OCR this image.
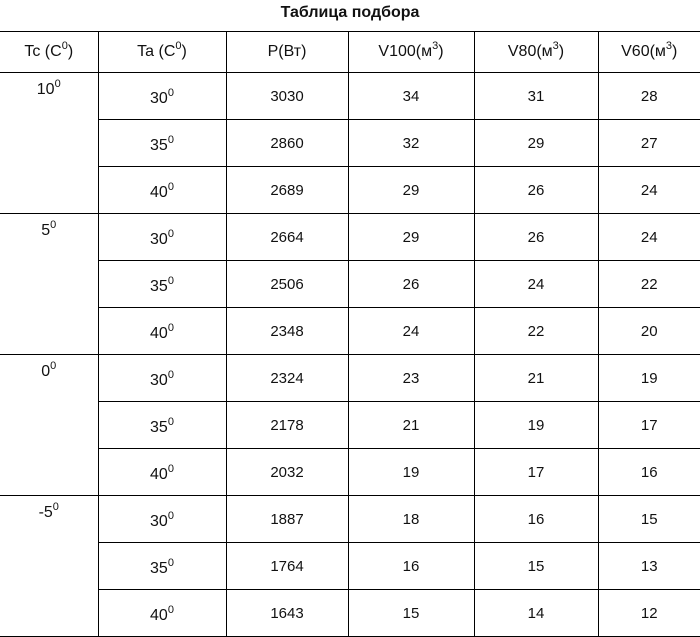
Таблица подбора
Tc $(C^0)$	Ta $(C^0)$	P(Вт)	$V100(м^3)$	$V80(м^3)$	$V60(м^3)$
$10^0$	$30^0$	3030	34	31	28
	$35^0$	2860	32	29	27
	$40^0$	2689	29	26	24
$5^0$	$30^0$	2664	29	26	24
	$35^0$	2506	26	24	22
	$40^0$	2348	24	22	20
$0^0$	$30^0$	2324	23	21	19
	$35^0$	2178	21	19	17
	$40^0$	2032	19	17	16
$-5^0$	$30^0$	1887	18	16	15
	$35^0$	1764	16	15	13
	$40^0$	1643	15	14	12
